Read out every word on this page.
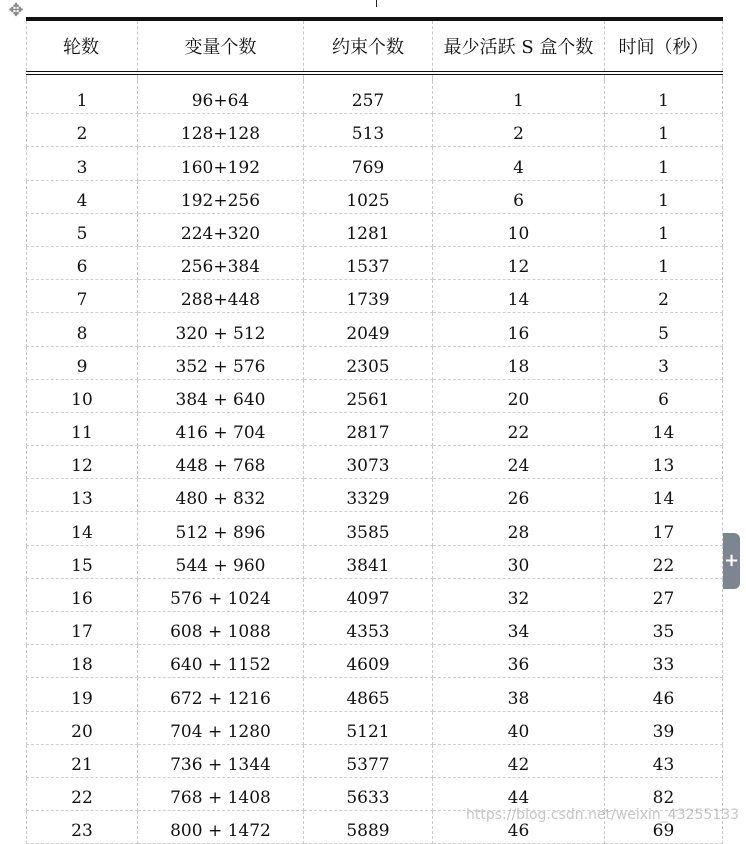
✥
轮数	变量个数	约束个数	最少活跃 S 盒个数	时间（秒）

1	96+64	257	1	1
2	128+128	513	2	1
3	160+192	769	4	1
4	192+256	1025	6	1
5	224+320	1281	10	1
6	256+384	1537	12	1
7	288+448	1739	14	2
8	320 + 512	2049	16	5
9	352 + 576	2305	18	3
10	384 + 640	2561	20	6
11	416 + 704	2817	22	14
12	448 + 768	3073	24	13
13	480 + 832	3329	26	14
14	512 + 896	3585	28	17
15	544 + 960	3841	30	22
16	576 + 1024	4097	32	27
17	608 + 1088	4353	34	35
18	640 + 1152	4609	36	33
19	672 + 1216	4865	38	46
20	704 + 1280	5121	40	39
21	736 + 1344	5377	42	43
22	768 + 1408	5633	44	82
23	800 + 1472	5889	46	69
+
https://blog.csdn.net/weixin_43255133
